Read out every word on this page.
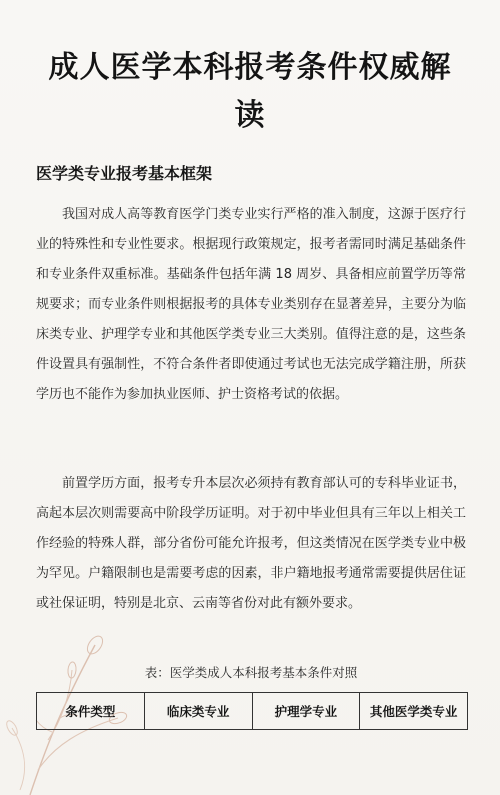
成人医学本科报考条件权威解读
医学类专业报考基本框架

我国对成人高等教育医学门类专业实行严格的准入制度，这源于医疗行业的特殊性和专业性要求。根据现行政策规定，报考者需同时满足基础条件和专业条件双重标准。基础条件包括年满 18 周岁、具备相应前置学历等常规要求；而专业条件则根据报考的具体专业类别存在显著差异，主要分为临床类专业、护理学专业和其他医学类专业三大类别。值得注意的是，这些条件设置具有强制性，不符合条件者即使通过考试也无法完成学籍注册，所获学历也不能作为参加执业医师、护士资格考试的依据。

前置学历方面，报考专升本层次必须持有教育部认可的专科毕业证书，高起本层次则需要高中阶段学历证明。对于初中毕业但具有三年以上相关工作经验的特殊人群，部分省份可能允许报考，但这类情况在医学类专业中极为罕见。户籍限制也是需要考虑的因素，非户籍地报考通常需要提供居住证或社保证明，特别是北京、云南等省份对此有额外要求。

表：医学类成人本科报考基本条件对照
条件类型	临床类专业	护理学专业	其他医学类专业
